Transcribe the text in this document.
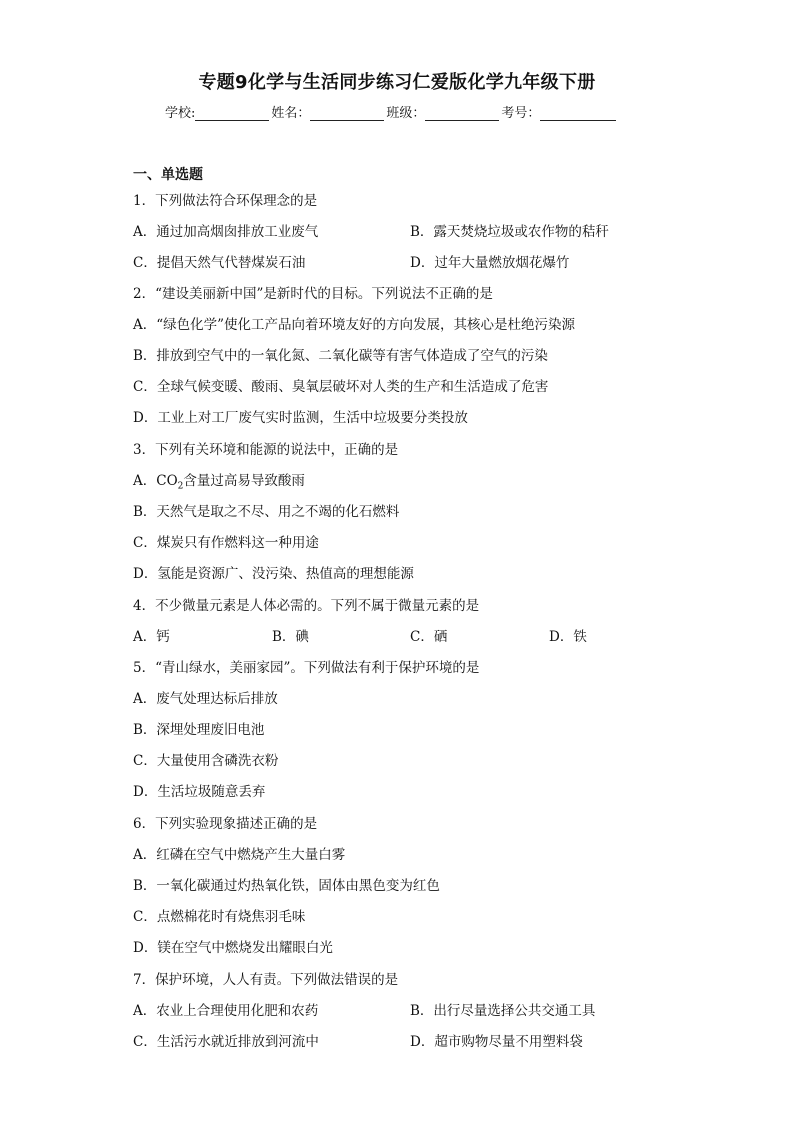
专题9化学与生活同步练习仁爱版化学九年级下册
学校:	姓名：	班级：	考号：
一、单选题
1．下列做法符合环保理念的是
A．通过加高烟囱排放工业废气	B．露天焚烧垃圾或农作物的秸秆
C．提倡天然气代替煤炭石油	D．过年大量燃放烟花爆竹
2．“建设美丽新中国”是新时代的目标。下列说法不正确的是
A．“绿色化学”使化工产品向着环境友好的方向发展，其核心是杜绝污染源
B．排放到空气中的一氧化氮、二氧化碳等有害气体造成了空气的污染
C．全球气候变暖、酸雨、臭氧层破坏对人类的生产和生活造成了危害
D．工业上对工厂废气实时监测，生活中垃圾要分类投放
3．下列有关环境和能源的说法中，正确的是
A．$CO_2$含量过高易导致酸雨
B．天然气是取之不尽、用之不竭的化石燃料
C．煤炭只有作燃料这一种用途
D．氢能是资源广、没污染、热值高的理想能源
4．不少微量元素是人体必需的。下列不属于微量元素的是
A．钙	B．碘	C．硒	D．铁
5．“青山绿水，美丽家园”。下列做法有利于保护环境的是
A．废气处理达标后排放
B．深埋处理废旧电池
C．大量使用含磷洗衣粉
D．生活垃圾随意丢弃
6．下列实验现象描述正确的是
A．红磷在空气中燃烧产生大量白雾
B．一氧化碳通过灼热氧化铁，固体由黑色变为红色
C．点燃棉花时有烧焦羽毛味
D．镁在空气中燃烧发出耀眼白光
7．保护环境，人人有责。下列做法错误的是
A．农业上合理使用化肥和农药	B．出行尽量选择公共交通工具
C．生活污水就近排放到河流中	D．超市购物尽量不用塑料袋
